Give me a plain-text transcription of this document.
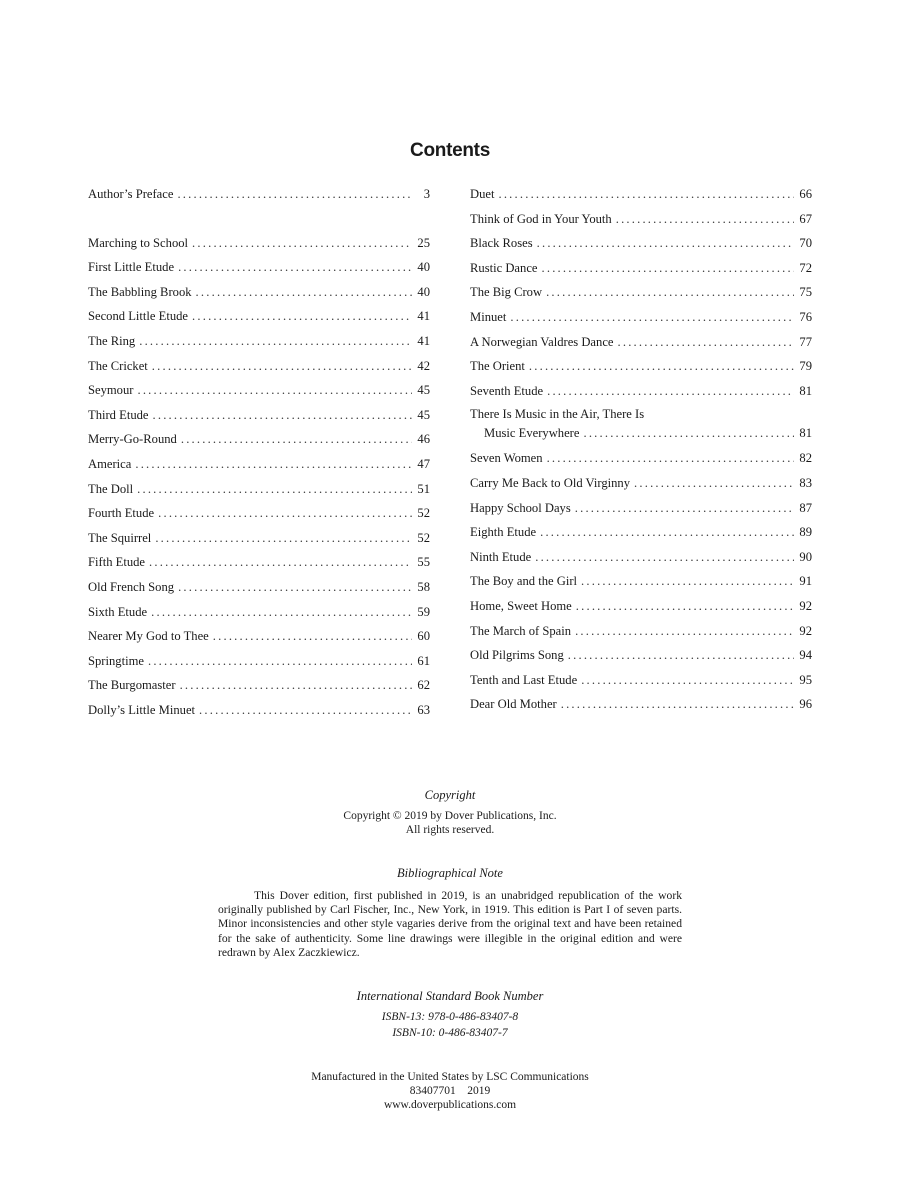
Contents
Author’s Preface .....	3
Marching to School .....	25
First Little Etude .....	40
The Babbling Brook .....	40
Second Little Etude .....	41
The Ring .....	41
The Cricket .....	42
Seymour .....	45
Third Etude .....	45
Merry-Go-Round .....	46
America .....	47
The Doll .....	51
Fourth Etude .....	52
The Squirrel .....	52
Fifth Etude .....	55
Old French Song .....	58
Sixth Etude .....	59
Nearer My God to Thee .....	60
Springtime .....	61
The Burgomaster .....	62
Dolly’s Little Minuet .....	63
Duet .....	66
Think of God in Your Youth .....	67
Black Roses .....	70
Rustic Dance .....	72
The Big Crow .....	75
Minuet .....	76
A Norwegian Valdres Dance .....	77
The Orient .....	79
Seventh Etude .....	81
There Is Music in the Air, There Is
Music Everywhere .....	81
Seven Women .....	82
Carry Me Back to Old Virginny .....	83
Happy School Days .....	87
Eighth Etude .....	89
Ninth Etude .....	90
The Boy and the Girl .....	91
Home, Sweet Home .....	92
The March of Spain .....	92
Old Pilgrims Song .....	94
Tenth and Last Etude .....	95
Dear Old Mother .....	96
Copyright
Copyright © 2019 by Dover Publications, Inc.
All rights reserved.
Bibliographical Note
This Dover edition, first published in 2019, is an unabridged republication of the work originally published by Carl Fischer, Inc., New York, in 1919. This edition is Part I of seven parts. Minor inconsistencies and other style vagaries derive from the original text and have been retained for the sake of authenticity. Some line drawings were illegible in the original edition and were redrawn by Alex Zaczkiewicz.
International Standard Book Number
ISBN-13: 978-0-486-83407-8
ISBN-10: 0-486-83407-7
Manufactured in the United States by LSC Communications
83407701    2019
www.doverpublications.com
